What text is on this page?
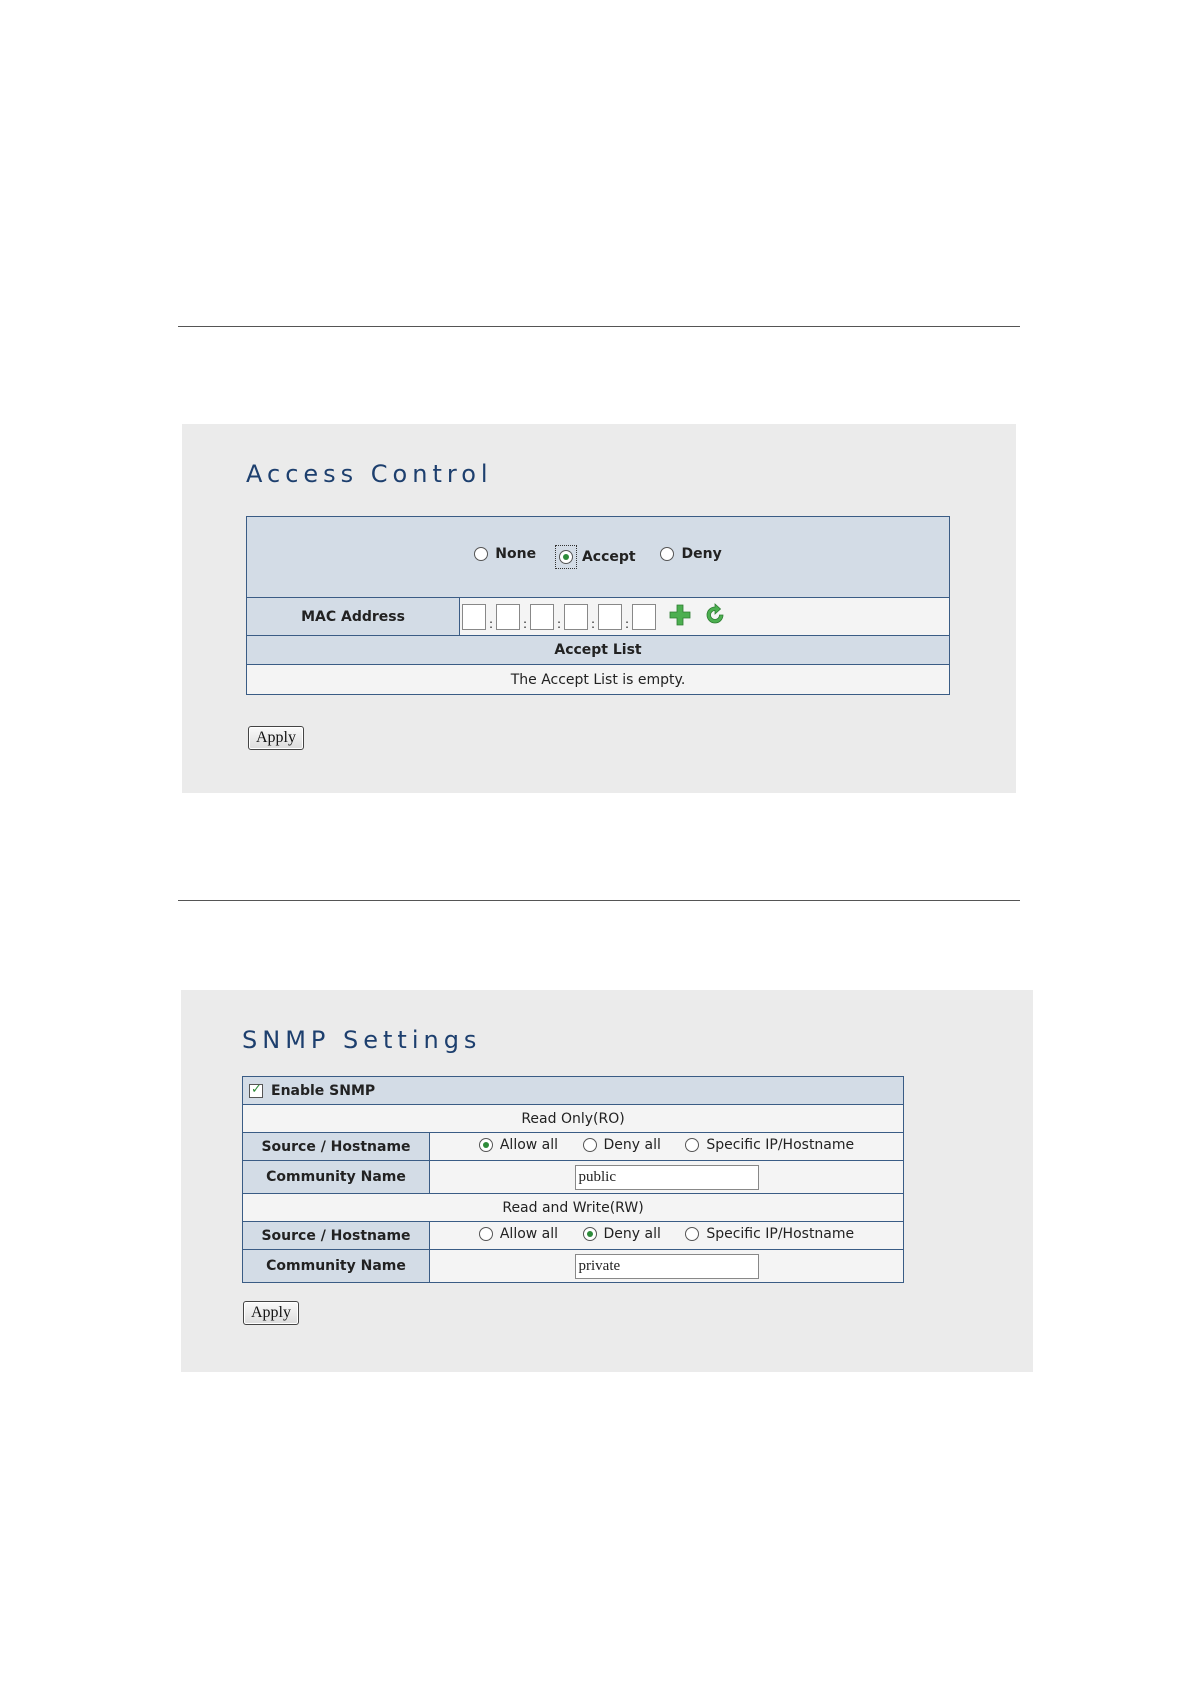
Access Control
None
	Accept
	Deny

MAC Address	: : : : :
Accept List
The Accept List is empty.
Apply
SNMP Settings
✓Enable SNMP
Read Only(RO)	
Source / Hostname	Allow all
Deny all
Specific IP/Hostname

Community Name	public
Read and Write(RW)	
Source / Hostname	Allow all
Deny all
Specific IP/Hostname

Community Name	private
Apply
